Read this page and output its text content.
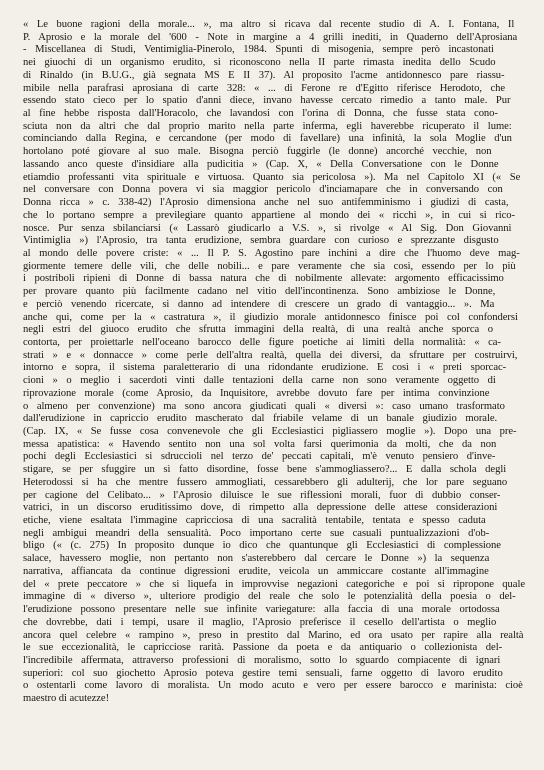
« Le buone ragioni della morale... », ma altro si ricava dal recente studio di A. I. Fontana, Il
P. Aprosio e la morale del '600 - Note in margine a 4 grilli inediti, in Quaderno dell'Aprosiana
- Miscellanea di Studi, Ventimiglia-Pinerolo, 1984. Spunti di misogenia, sempre però incastonati
nei giuochi di un organismo erudito, si riconoscono nella II parte rimasta inedita dello Scudo
di Rinaldo (in B.U.G., già segnata MS E II 37). Al proposito l'acme antidonnesco pare riassu-
mibile nella parafrasi aprosiana di carte 328: « ... di Ferone re d'Egitto riferisce Herodoto, che
essendo stato cieco per lo spatio d'anni diece, invano havesse cercato rimedio a tanto male. Pur
al fine hebbe risposta dall'Horacolo, che lavandosi con l'orina di Donna, che fusse stata cono-
sciuta non da altri che dal proprio marito nella parte inferma, egli haverebbe ricuperato il lume:
cominciando dalla Regina, e cercandone (per modo di favellare) una infinità, la sola Moglie d'un
hortolano poté giovare al suo male. Bisogna perciò fuggirle (le donne) ancorché vecchie, non
lassando anco queste d'insidiare alla pudicitia » (Cap. X, « Della Conversatione con le Donne
etiamdio professanti vita spirituale e virtuosa. Quanto sia pericolosa »). Ma nel Capitolo XI (« Se
nel conversare con Donna povera vi sia maggior pericolo d'inciamapare che in conversando con
Donna ricca » c. 338-42) l'Aprosio dimensiona anche nel suo antifemminismo i giudizi di casta,
che lo portano sempre a previlegiare quanto appartiene al mondo dei « ricchi », in cui si rico-
nosce. Pur senza sbilanciarsi (« Lassarò giudicarlo a V.S. », si rivolge « Al Sig. Don Giovanni
Vintimiglia ») l'Aprosio, tra tanta erudizione, sembra guardare con curioso e sprezzante disgusto
al mondo delle povere criste: « ... Il P. S. Agostino pare inchini a dire che l'huomo deve mag-
giormente temere delle vili, che delle nobili... e pare veramente che sia così, essendo per lo più
i postriboli ripieni di Donne di bassa natura che di nobilmente allevate: argomento efficacissimo
per provare quanto più facilmente cadano nel vitio dell'incontinenza. Sono ambiziose le Donne,
e perciò venendo ricercate, si danno ad intendere di crescere un grado di vantaggio... ». Ma
anche qui, come per la « castratura », il giudizio morale antidonnesco finisce poi col confondersi
negli estri del giuoco erudito che sfrutta immagini della realtà, di una realtà anche sporca o
contorta, per proiettarle nell'oceano barocco delle figure poetiche ai limiti della normalità: « ca-
strati » e « donnacce » come perle dell'altra realtà, quella dei diversi, da sfruttare per costruirvi,
intorno e sopra, il sistema paraletterario di una ridondante erudizione. E così i « preti sporcac-
cioni » o meglio i sacerdoti vinti dalle tentazioni della carne non sono veramente oggetto di
riprovazione morale (come Aprosio, da Inquisitore, avrebbe dovuto fare per intima convinzione
o almeno per convenzione) ma sono ancora giudicati quali « diversi »: caso umano trasformato
dall'erudizione in capriccio erudito mascherato dal friabile velame di un banale giudizio morale.
(Cap. IX, « Se fusse cosa convenevole che gli Ecclesiastici pigliassero moglie »). Dopo una pre-
messa apatistica: « Havendo sentito non una sol volta farsi querimonia da molti, che da non
pochi degli Ecclesiastici si sdruccioli nel terzo de' peccati capitali, m'è venuto pensiero d'inve-
stigare, se per sfuggire un sì fatto disordine, fosse bene s'ammogliassero?... E dalla schola degli
Heterodossi si ha che mentre fussero ammogliati, cessarebbero gli adulterij, che lor pare seguano
per cagione del Celibato... » l'Aprosio diluisce le sue riflessioni morali, fuor di dubbio conser-
vatrici, in un discorso eruditissimo dove, di rimpetto alla depressione delle attese considerazioni
etiche, viene esaltata l'immagine capricciosa di una sacralità tentabile, tentata e spesso caduta
negli ambigui meandri della sensualità. Poco importano certe sue casuali puntualizzazioni d'ob-
bligo (« (c. 275) In proposito dunque io dico che quantunque gli Ecclesiastici di complessione
salace, havessero moglie, non pertanto non s'asterebbero dal cercare le Donne ») la sequenza
narrativa, affiancata da continue digressioni erudite, veicola un ammiccare costante all'immagine
del « prete peccatore » che si liquefa in improvvise negazioni categoriche e poi si ripropone quale
immagine di « diverso », ulteriore prodigio del reale che solo le potenzialità della poesia o del-
l'erudizione possono presentare nelle sue infinite variegature: alla faccia di una morale ortodossa
che dovrebbe, dati i tempi, usare il maglio, l'Aprosio preferisce il cesello dell'artista o meglio
ancora quel celebre « rampino », preso in prestito dal Marino, ed ora usato per rapire alla realtà
le sue eccezionalità, le capricciose rarità. Passione da poeta e da antiquario o collezionista del-
l'incredibile affermata, attraverso professioni di moralismo, sotto lo sguardo compiacente di ignari
superiori: col suo giochetto Aprosio poteva gestire temi sensuali, farne oggetto di lavoro erudito
o ostentarli come lavoro di moralista. Un modo acuto e vero per essere barocco e marinista: cioè
maestro di acutezze!
